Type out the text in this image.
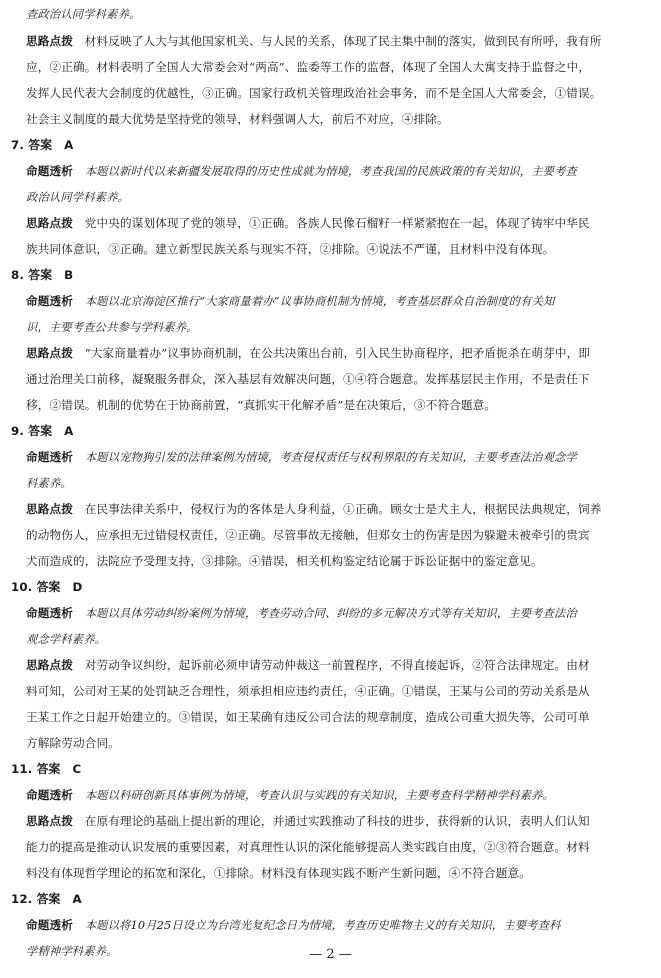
查政治认同学科素养。
思路点拨　材料反映了人大与其他国家机关、与人民的关系，体现了民主集中制的落实，做到民有所呼，我有所
应，②正确。材料表明了全国人大常委会对“两高”、监委等工作的监督，体现了全国人大寓支持于监督之中，
发挥人民代表大会制度的优越性，③正确。国家行政机关管理政治社会事务，而不是全国人大常委会，①错误。
社会主义制度的最大优势是坚持党的领导，材料强调人大，前后不对应，④排除。
7. 答案　A
命题透析　本题以新时代以来新疆发展取得的历史性成就为情境，考查我国的民族政策的有关知识，主要考查
政治认同学科素养。
思路点拨　党中央的谋划体现了党的领导，①正确。各族人民像石榴籽一样紧紧抱在一起，体现了铸牢中华民
族共同体意识，③正确。建立新型民族关系与现实不符，②排除。④说法不严谨，且材料中没有体现。
8. 答案　B
命题透析　本题以北京海淀区推行“大家商量着办”议事协商机制为情境，考查基层群众自治制度的有关知
识，主要考查公共参与学科素养。
思路点拨　“大家商量着办”议事协商机制，在公共决策出台前，引入民生协商程序，把矛盾扼杀在萌芽中，即
通过治理关口前移，凝聚服务群众，深入基层有效解决问题，①④符合题意。发挥基层民主作用，不是责任下
移，②错误。机制的优势在于协商前置，“真抓实干化解矛盾”是在决策后，③不符合题意。
9. 答案　A
命题透析　本题以宠物狗引发的法律案例为情境，考查侵权责任与权利界限的有关知识，主要考查法治观念学
科素养。
思路点拨　在民事法律关系中，侵权行为的客体是人身利益，①正确。顾女士是犬主人，根据民法典规定，饲养
的动物伤人，应承担无过错侵权责任，②正确。尽管事故无接触，但郑女士的伤害是因为躲避未被牵引的贵宾
犬而造成的，法院应予受理支持，③排除。④错误，相关机构鉴定结论属于诉讼证据中的鉴定意见。
10. 答案　D
命题透析　本题以具体劳动纠纷案例为情境，考查劳动合同、纠纷的多元解决方式等有关知识，主要考查法治
观念学科素养。
思路点拨　对劳动争议纠纷，起诉前必须申请劳动仲裁这一前置程序，不得直接起诉，②符合法律规定。由材
料可知，公司对王某的处罚缺乏合理性，须承担相应违约责任，④正确。①错误，王某与公司的劳动关系是从
王某工作之日起开始建立的。③错误，如王某确有违反公司合法的规章制度，造成公司重大损失等，公司可单
方解除劳动合同。
11. 答案　C
命题透析　本题以科研创新具体事例为情境，考查认识与实践的有关知识，主要考查科学精神学科素养。
思路点拨　在原有理论的基础上提出新的理论，并通过实践推动了科技的进步，获得新的认识，表明人们认知
能力的提高是推动认识发展的重要因素，对真理性认识的深化能够提高人类实践自由度，②③符合题意。材料
料没有体现哲学理论的拓宽和深化，①排除。材料没有体现实践不断产生新问题，④不符合题意。
12. 答案　A
命题透析　本题以将10月25日设立为台湾光复纪念日为情境，考查历史唯物主义的有关知识，主要考查科
学精神学科素养。	— 2 —
